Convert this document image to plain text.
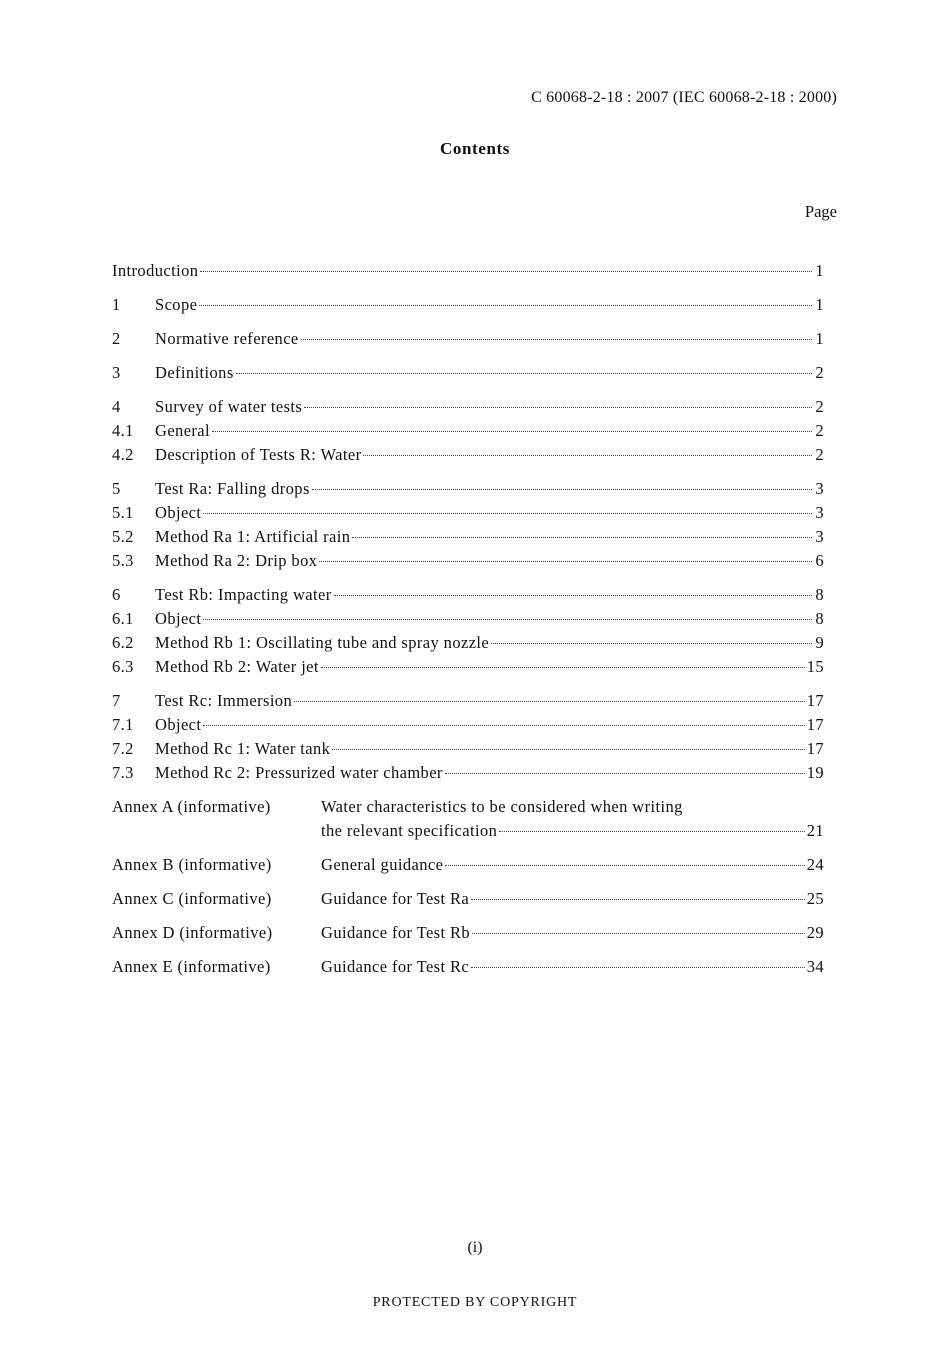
C 60068-2-18 : 2007 (IEC 60068-2-18 : 2000)
Contents
Page
Introduction	1
1	Scope	1
2	Normative reference	1
3	Definitions	2
4	Survey of water tests	2
4.1	General	2
4.2	Description of Tests R: Water	2
5	Test Ra: Falling drops	3
5.1	Object	3
5.2	Method Ra 1: Artificial rain	3
5.3	Method Ra 2: Drip box	6
6	Test Rb: Impacting water	8
6.1	Object	8
6.2	Method Rb 1: Oscillating tube and spray nozzle	9
6.3	Method Rb 2: Water jet	15
7	Test Rc: Immersion	17
7.1	Object	17
7.2	Method Rc 1: Water tank	17
7.3	Method Rc 2: Pressurized water chamber	19
Annex A (informative)	Water characteristics to be considered when writing
the relevant specification	21
Annex B (informative)	General guidance	24
Annex C (informative)	Guidance for Test Ra	25
Annex D (informative)	Guidance for Test Rb	29
Annex E (informative)	Guidance for Test Rc	34
(i)
PROTECTED BY COPYRIGHT
